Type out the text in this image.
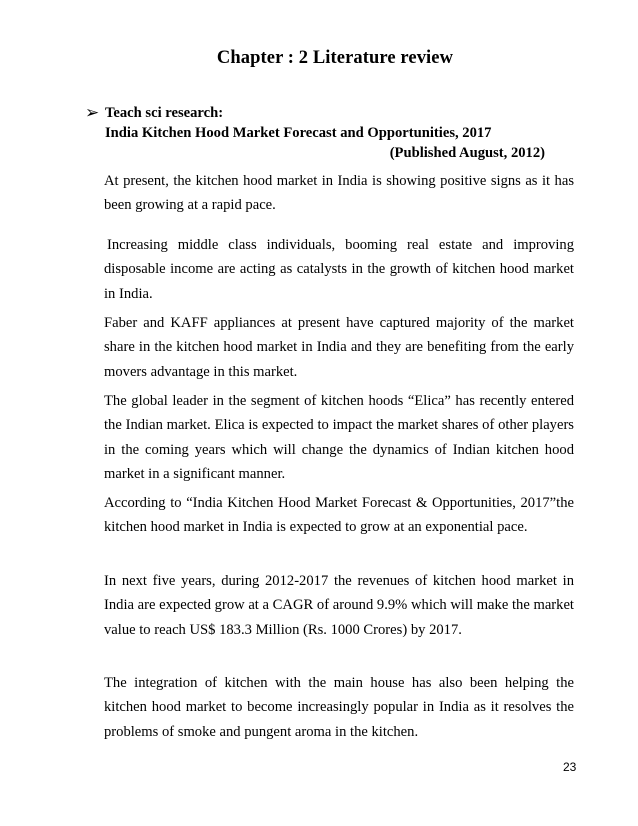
Chapter : 2 Literature review
➢ Teach sci research:
India Kitchen Hood Market Forecast and Opportunities, 2017
(Published August, 2012)

At present, the kitchen hood market in India is showing positive signs as it has been growing at a rapid pace.

Increasing middle class individuals, booming real estate and improving disposable income are acting as catalysts in the growth of kitchen hood market in India.

Faber and KAFF appliances at present have captured majority of the market share in the kitchen hood market in India and they are benefiting from the early movers advantage in this market.

The global leader in the segment of kitchen hoods “Elica” has recently entered the Indian market. Elica is expected to impact the market shares of other players in the coming years which will change the dynamics of Indian kitchen hood market in a significant manner.

According to “India Kitchen Hood Market Forecast & Opportunities, 2017”the kitchen hood market in India is expected to grow at an exponential pace.

In next five years, during 2012-2017 the revenues of kitchen hood market in India are expected grow at a CAGR of around 9.9% which will make the market value to reach US$ 183.3 Million (Rs. 1000 Crores) by 2017.

The integration of kitchen with the main house has also been helping the kitchen hood market to become increasingly popular in India as it resolves the problems of smoke and pungent aroma in the kitchen.

23
